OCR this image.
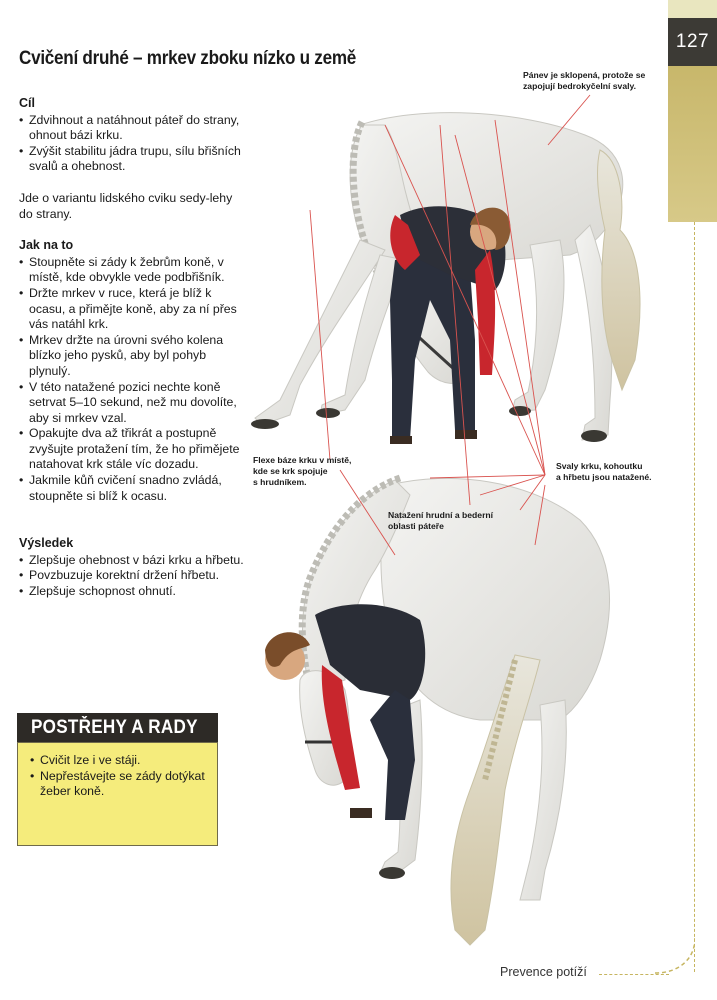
127
Cvičení druhé – mrkev zboku nízko u země
Cíl
• Zdvihnout a natáhnout páteř do strany, ohnout bázi krku.
• Zvýšit stabilitu jádra trupu, sílu břišních svalů a ohebnost.

Jde o variantu lidského cviku sedy-lehy do strany.

Jak na to
• Stoupněte si zády k žebrům koně, v místě, kde obvykle vede podbřišník.
• Držte mrkev v ruce, která je blíž k ocasu, a přimějte koně, aby za ní přes vás natáhl krk.
• Mrkev držte na úrovni svého kolena blízko jeho pysků, aby byl pohyb plynulý.
• V této natažené pozici nechte koně setrvat 5–10 sekund, než mu dovolíte, aby si mrkev vzal.
• Opakujte dva až třikrát a postupně zvyšujte protažení tím, že ho přimějete natahovat krk stále víc dozadu.
• Jakmile kůň cvičení snadno zvládá, stoupněte si blíž k ocasu.
Výsledek
• Zlepšuje ohebnost v bázi krku a hřbetu.
• Povzbuzuje korektní držení hřbetu.
• Zlepšuje schopnost ohnutí.
POSTŘEHY A RADY
• Cvičit lze i ve stáji.
• Nepřestávejte se zády dotýkat žeber koně.
Pánev je sklopená, protože se
zapojují bedrokyčelní svaly.
Flexe báze krku v místě,
kde se krk spojuje
s hrudníkem.
Svaly krku, kohoutku
a hřbetu jsou natažené.
Natažení hrudní a bederní
oblasti páteře
Prevence potíží
